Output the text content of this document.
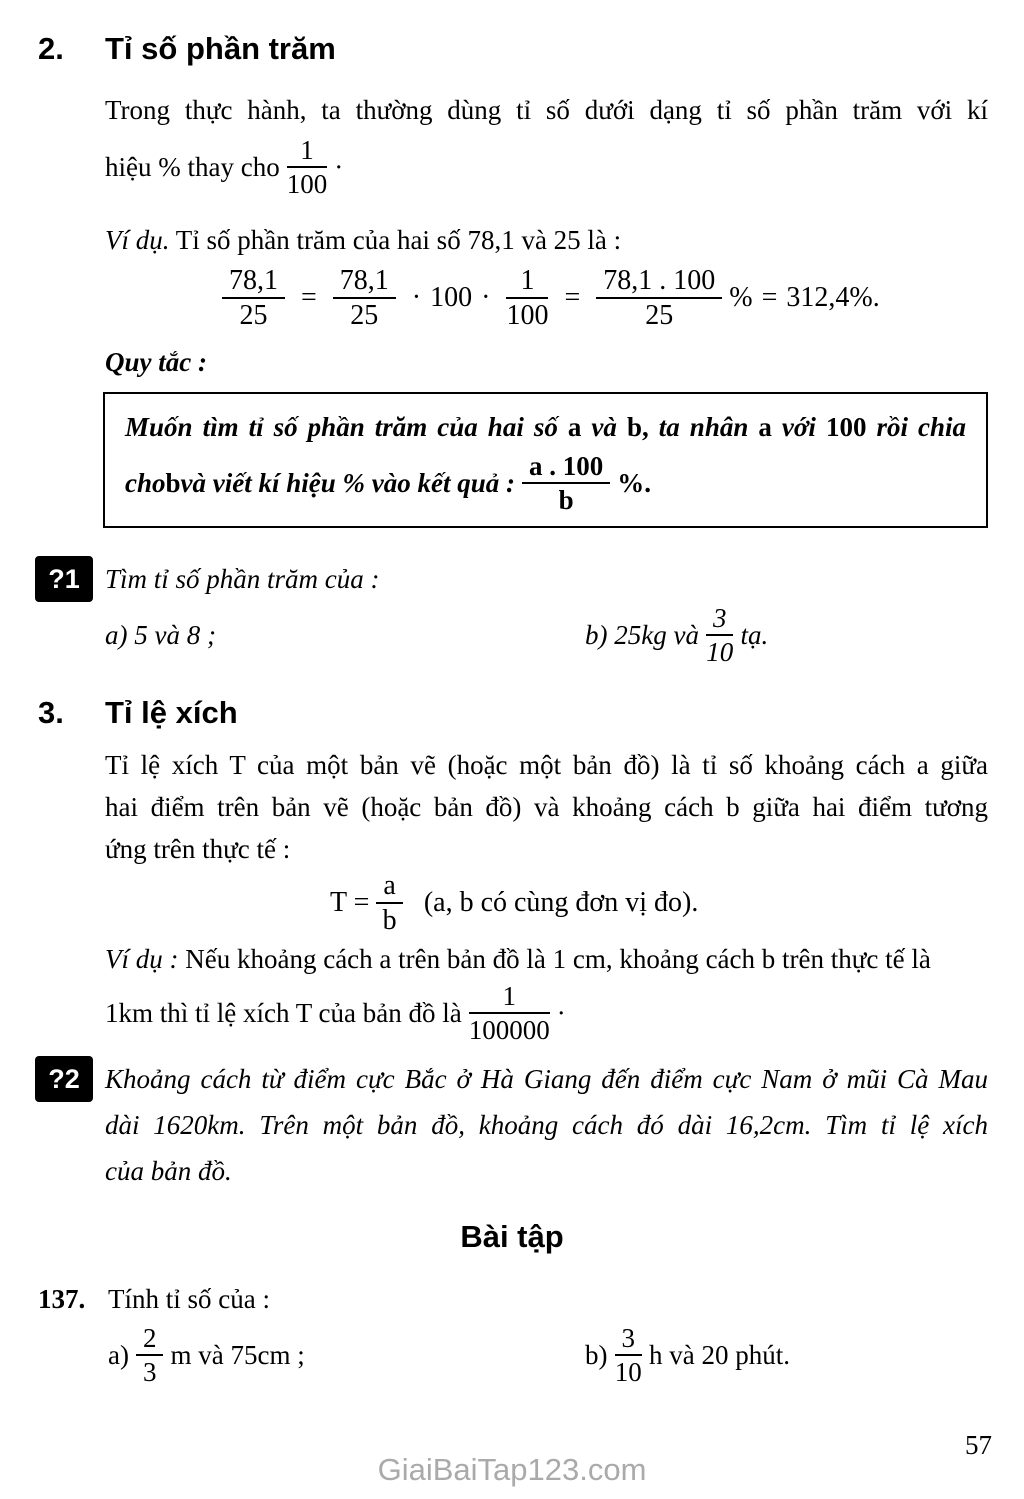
2.	Tỉ số phần trăm
Trong thực hành, ta thường dùng tỉ số dưới dạng tỉ số phần trăm với kí
hiệu % thay cho $\frac{1}{100}$ ·
Ví dụ. Tỉ số phần trăm của hai số 78,1 và 25 là :
$\frac{78,1}{25} = \frac{78,1}{25} \cdot 100 \cdot \frac{1}{100} = \frac{78,1 . 100}{25}$ % = 312,4%.
Quy tắc :
Muốn tìm tỉ số phần trăm của hai số a và b, ta nhân a với 100 rồi chia
cho b và viết kí hiệu % vào kết quả : $\frac{a . 100}{b}$ %.
?1 Tìm tỉ số phần trăm của :
a) 5 và 8 ;	b) 25kg và $\frac{3}{10}$ tạ.
3.	Tỉ lệ xích
Tỉ lệ xích T của một bản vẽ (hoặc một bản đồ) là tỉ số khoảng cách a giữa
hai điểm trên bản vẽ (hoặc bản đồ) và khoảng cách b giữa hai điểm tương
ứng trên thực tế :
$T = \frac{a}{b} (a$, b có cùng đơn vị đo).
Ví dụ : Nếu khoảng cách a trên bản đồ là 1 cm, khoảng cách b trên thực tế là
1km thì tỉ lệ xích T của bản đồ là $\frac{1}{100000}$ ·
?2 Khoảng cách từ điểm cực Bắc ở Hà Giang đến điểm cực Nam ở mũi Cà Mau
dài 1620km. Trên một bản đồ, khoảng cách đó dài 16,2cm. Tìm tỉ lệ xích
của bản đồ.
Bài tập
137. Tính tỉ số của :
$a) \frac{2}{3}$ m và 75cm ;	$b) \frac{3}{10}$ h và 20 phút.
57
GiaiBaiTap123.com
